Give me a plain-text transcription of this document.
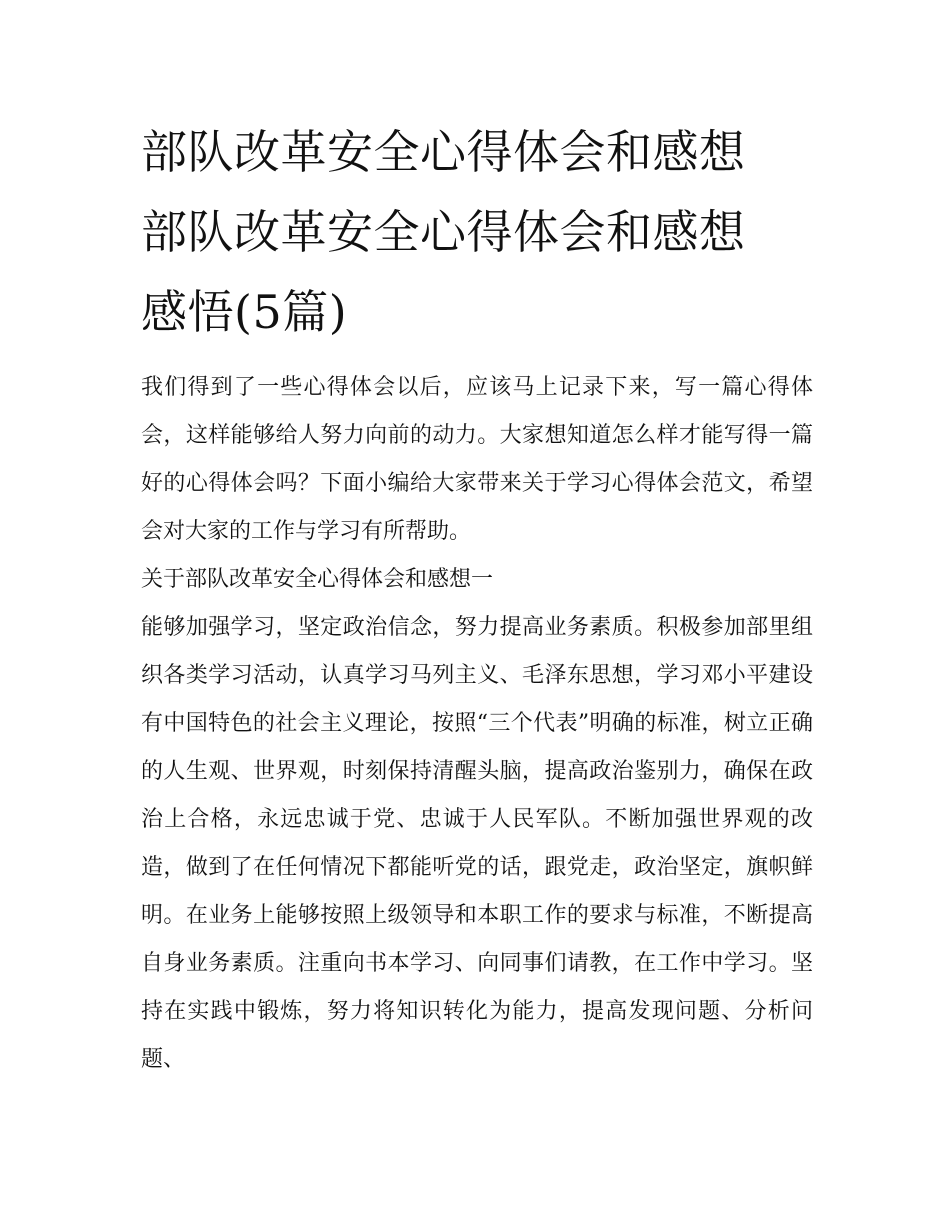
部队改革安全心得体会和感想
部队改革安全心得体会和感想
感悟(5篇)

我们得到了一些心得体会以后，应该马上记录下来，写一篇心得体会，这样能够给人努力向前的动力。大家想知道怎么样才能写得一篇好的心得体会吗？下面小编给大家带来关于学习心得体会范文，希望会对大家的工作与学习有所帮助。

关于部队改革安全心得体会和感想一

能够加强学习，坚定政治信念，努力提高业务素质。积极参加部里组织各类学习活动，认真学习马列主义、毛泽东思想，学习邓小平建设有中国特色的社会主义理论，按照“三个代表”明确的标准，树立正确的人生观、世界观，时刻保持清醒头脑，提高政治鉴别力，确保在政治上合格，永远忠诚于党、忠诚于人民军队。不断加强世界观的改造，做到了在任何情况下都能听党的话，跟党走，政治坚定，旗帜鲜明。在业务上能够按照上级领导和本职工作的要求与标准，不断提高自身业务素质。注重向书本学习、向同事们请教，在工作中学习。坚持在实践中锻炼，努力将知识转化为能力，提高发现问题、分析问题、
